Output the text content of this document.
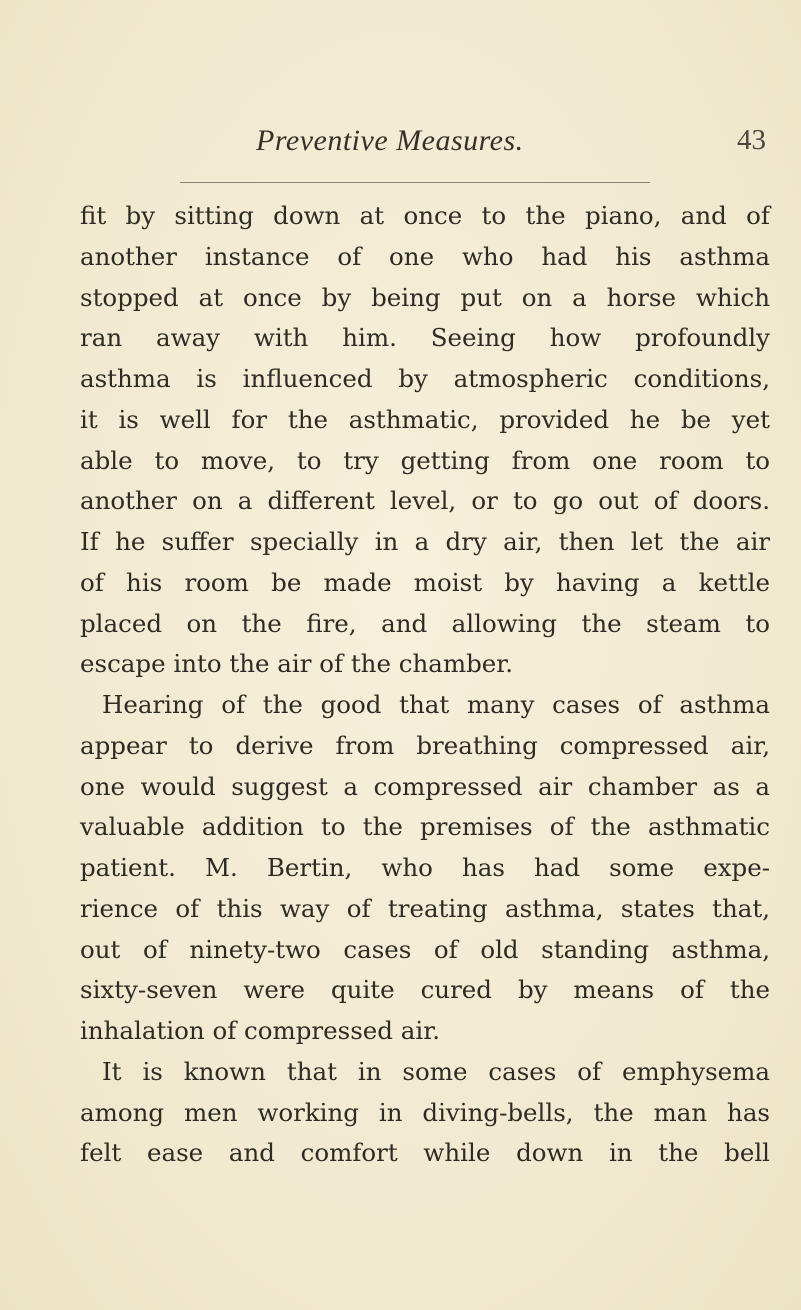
Preventive Measures.	43
fit by sitting down at once to the piano, and of
another instance of one who had his asthma
stopped at once by being put on a horse which
ran away with him. Seeing how profoundly
asthma is influenced by atmospheric conditions,
it is well for the asthmatic, provided he be yet
able to move, to try getting from one room to
another on a different level, or to go out of doors.
If he suffer specially in a dry air, then let the air
of his room be made moist by having a kettle
placed on the fire, and allowing the steam to
escape into the air of the chamber.
Hearing of the good that many cases of asthma
appear to derive from breathing compressed air,
one would suggest a compressed air chamber as a
valuable addition to the premises of the asthmatic
patient. M. Bertin, who has had some expe-
rience of this way of treating asthma, states that,
out of ninety-two cases of old standing asthma,
sixty-seven were quite cured by means of the
inhalation of compressed air.
It is known that in some cases of emphysema
among men working in diving-bells, the man has
felt ease and comfort while down in the bell
